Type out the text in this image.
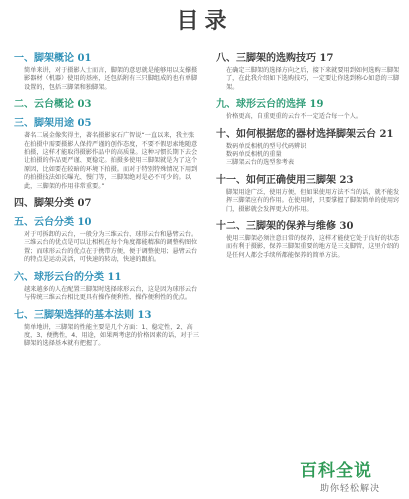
目录
一、脚架概论 01
简单来讲，对于摄影人士而言，脚架的意思就是能够用以支撑摄影器材（机器）使用的基座，还包括附有三只脚组成的也有单脚设置的，包括三脚架和独脚架。
二、云台概论 03
三、脚架用途 05
著名二展金像奖得主，著名摄影家石广智说“一直以来，我主张在拍摄中需要摄影人保持严谨的创作态度，不要不假思索地随意拍摄，这样才能取得摄影作品中的高质量。这种习惯长期下去会让拍摄的作品更严谨、更稳定。拍摄多使用三脚架就是为了这个原因，比如要在较暗的环境下拍摄。而对于特别特殊情况下用到的拍摄技法如长曝光、慢门等，三脚架绝对是必不可少的。以此，三脚架的作用非常重要。”
四、脚架分类 07
五、云台分类 10
对于可拆卸的云台，一般分为三维云台、球形云台和悬臂云台。三维云台的优点是可以让相机在每个角度都能精准的调整构图位置；而球形云台的优点在于携带方便，便于调整使用；悬臂云台的特点是运动灵活，可快速的转动，快速的跟拍。
六、球形云台的分类 11
越来越多的人在配置三脚架时选择球形云台，这是因为球形云台与传统三维云台相比更具有操作便利性、操作便利性的优点。
七、三脚架选择的基本法则 13
简单地讲，三脚架的性能主要是几个方面：1、稳定性，2、高度，3、便携性，4、用途，如果两考虑的价格因素的话，对于三脚架的选择基本就有把握了。
八、三脚架的选购技巧 17
在确定三脚架的选择方向之后，接下来就要用到如何选购三脚架了，在此我介绍如下选购技巧，一定要让你选到称心如意的三脚架。
九、球形云台的选择 19
价格更高，自重更重的云台不一定适合每一个人。
十、如何根据您的器材选择脚架云台 21
数码单反相机的型号代码辨识
数码单反相机的重量
三脚架云台的选型参考表
十一、如何正确使用三脚架 23
脚架用途广泛，使用方便，但如果使用方法不当的话，就不能发挥三脚架应有的作用。在使用时，只要掌握了脚架简单的使用窍门，摄影就会发挥更大的作用。
十二、三脚架的保养与维修 30
使用三脚架必须注意日常的保养，这样才能使它处于良好的状态而有利于摄影，保养三脚架重要的地方是三支脚管，这里介绍的是任何人都会手续所都能保养的简单方法。
百科全说
助你轻松解决
